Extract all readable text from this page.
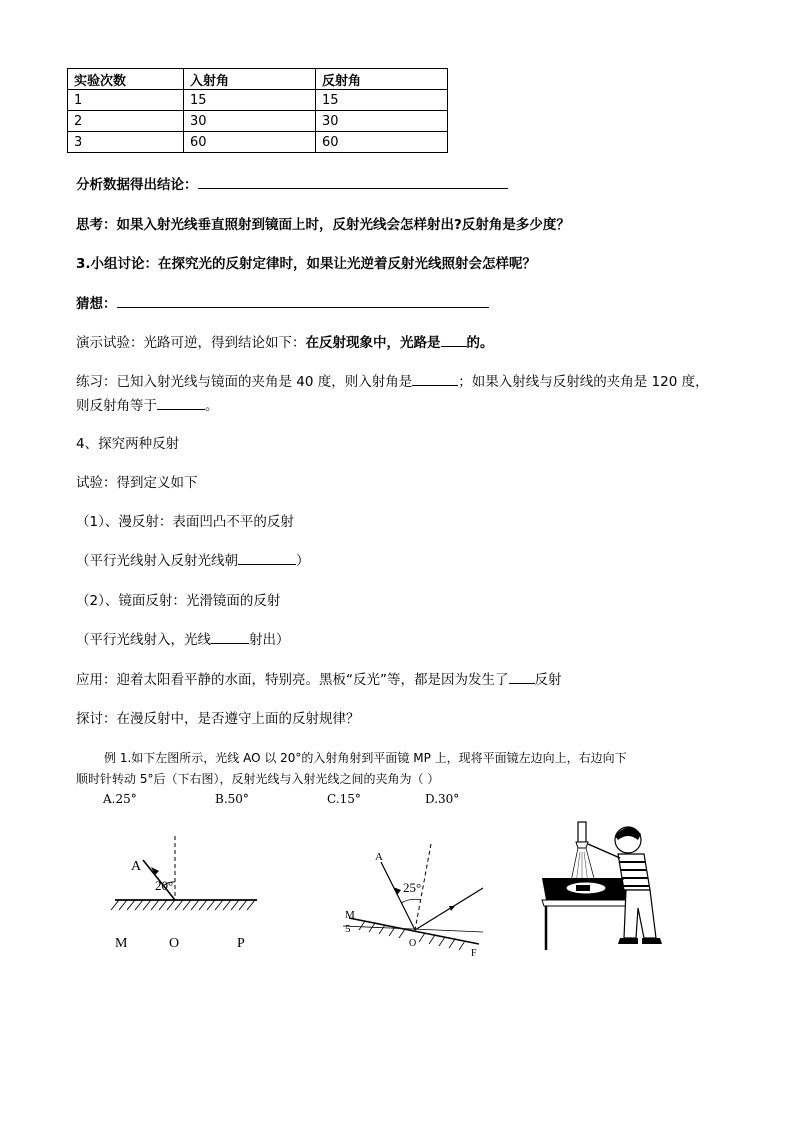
实验次数	入射角	反射角
1	15	15
2	30	30
3	60	60
分析数据得出结论：
思考：如果入射光线垂直照射到镜面上时，反射光线会怎样射出?反射角是多少度？
3.小组讨论：在探究光的反射定律时，如果让光逆着反射光线照射会怎样呢？
猜想：
演示试验：光路可逆，得到结论如下：在反射现象中，光路是 的。
练习：已知入射光线与镜面的夹角是 40 度，则入射角是	；如果入射线与反射线的夹角是 120 度，
则反射角等于	。
4、探究两种反射
试验：得到定义如下
（1）、漫反射：表面凹凸不平的反射
（平行光线射入反射光线朝	）
（2）、镜面反射：光滑镜面的反射
（平行光线射入，光线	射出）
应用：迎着太阳看平静的水面，特别亮。黑板“反光”等，都是因为发生了 反射
探讨：在漫反射中，是否遵守上面的反射规律？
例 1.如下左图所示，光线 AO 以 20°的入射角射到平面镜 MP 上，现将平面镜左边向上，右边向下
顺时针转动 5°后（下右图），反射光线与入射光线之间的夹角为（ ）
A.25°	B.50°	C.15°	D.30°
A
20°
M	O	P
A
25°
M
5
O
F
